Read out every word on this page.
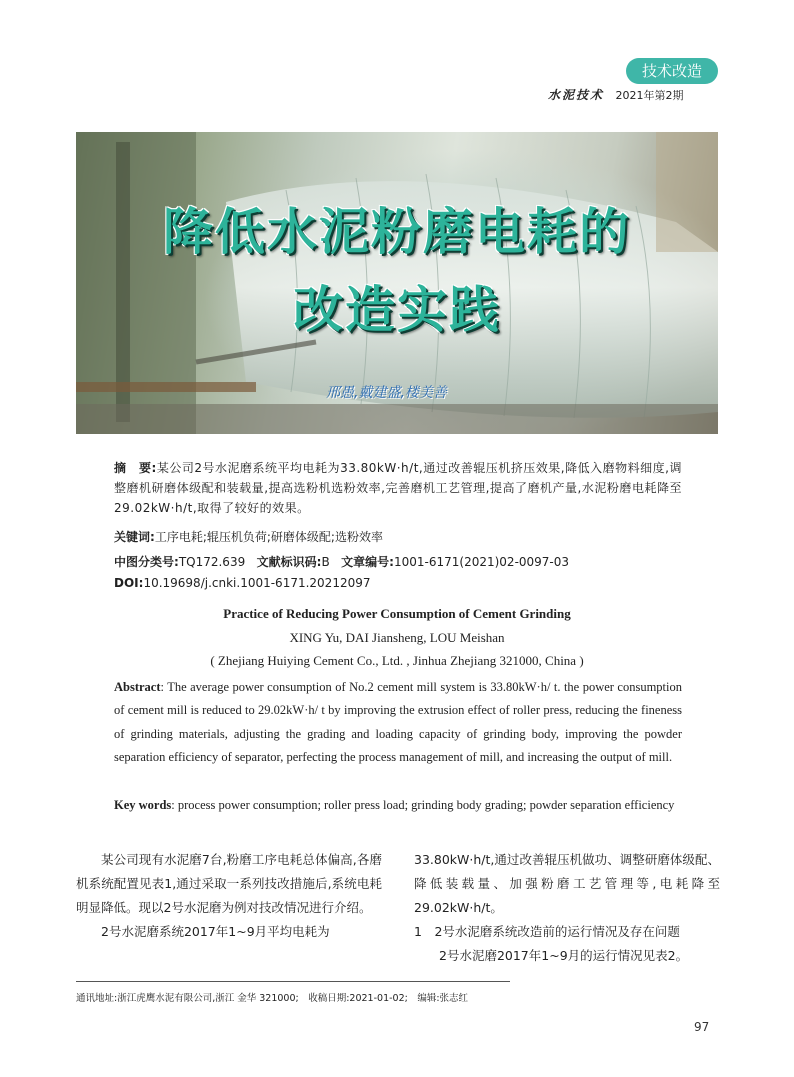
技术改造
水泥技术 2021年第2期
降低水泥粉磨电耗的
改造实践
邢愚,戴建盛,楼美善
摘　要:某公司2号水泥磨系统平均电耗为33.80kW·h/t,通过改善辊压机挤压效果,降低入磨物料细度,调整磨机研磨体级配和装载量,提高选粉机选粉效率,完善磨机工艺管理,提高了磨机产量,水泥粉磨电耗降至29.02kW·h/t,取得了较好的效果。
关键词:工序电耗;辊压机负荷;研磨体级配;选粉效率
中图分类号:TQ172.639 文献标识码:B 文章编号:1001-6171(2021)02-0097-03
DOI:10.19698/j.cnki.1001-6171.20212097
Practice of Reducing Power Consumption of Cement Grinding
XING Yu, DAI Jiansheng, LOU Meishan
( Zhejiang Huiying Cement Co., Ltd. , Jinhua Zhejiang 321000, China )
Abstract: The average power consumption of No.2 cement mill system is 33.80kW·h/ t. the power consumption of cement mill is reduced to 29.02kW·h/ t by improving the extrusion effect of roller press, reducing the fineness of grinding materials, adjusting the grading and loading capacity of grinding body, improving the powder separation efficiency of separator, perfecting the process management of mill, and increasing the output of mill.
Key words: process power consumption; roller press load; grinding body grading; powder separation efficiency

某公司现有水泥磨7台,粉磨工序电耗总体偏高,各磨机系统配置见表1,通过采取一系列技改措施后,系统电耗明显降低。现以2号水泥磨为例对技改情况进行介绍。

2号水泥磨系统2017年1~9月平均电耗为

33.80kW·h/t,通过改善辊压机做功、调整研磨体级配、降低装载量、加强粉磨工艺管理等,电耗降至29.02kW·h/t。

1　2号水泥磨系统改造前的运行情况及存在问题

2号水泥磨2017年1~9月的运行情况见表2。

通讯地址:浙江虎鹰水泥有限公司,浙江 金华 321000;　收稿日期:2021-01-02;　编辑:张志红
97
